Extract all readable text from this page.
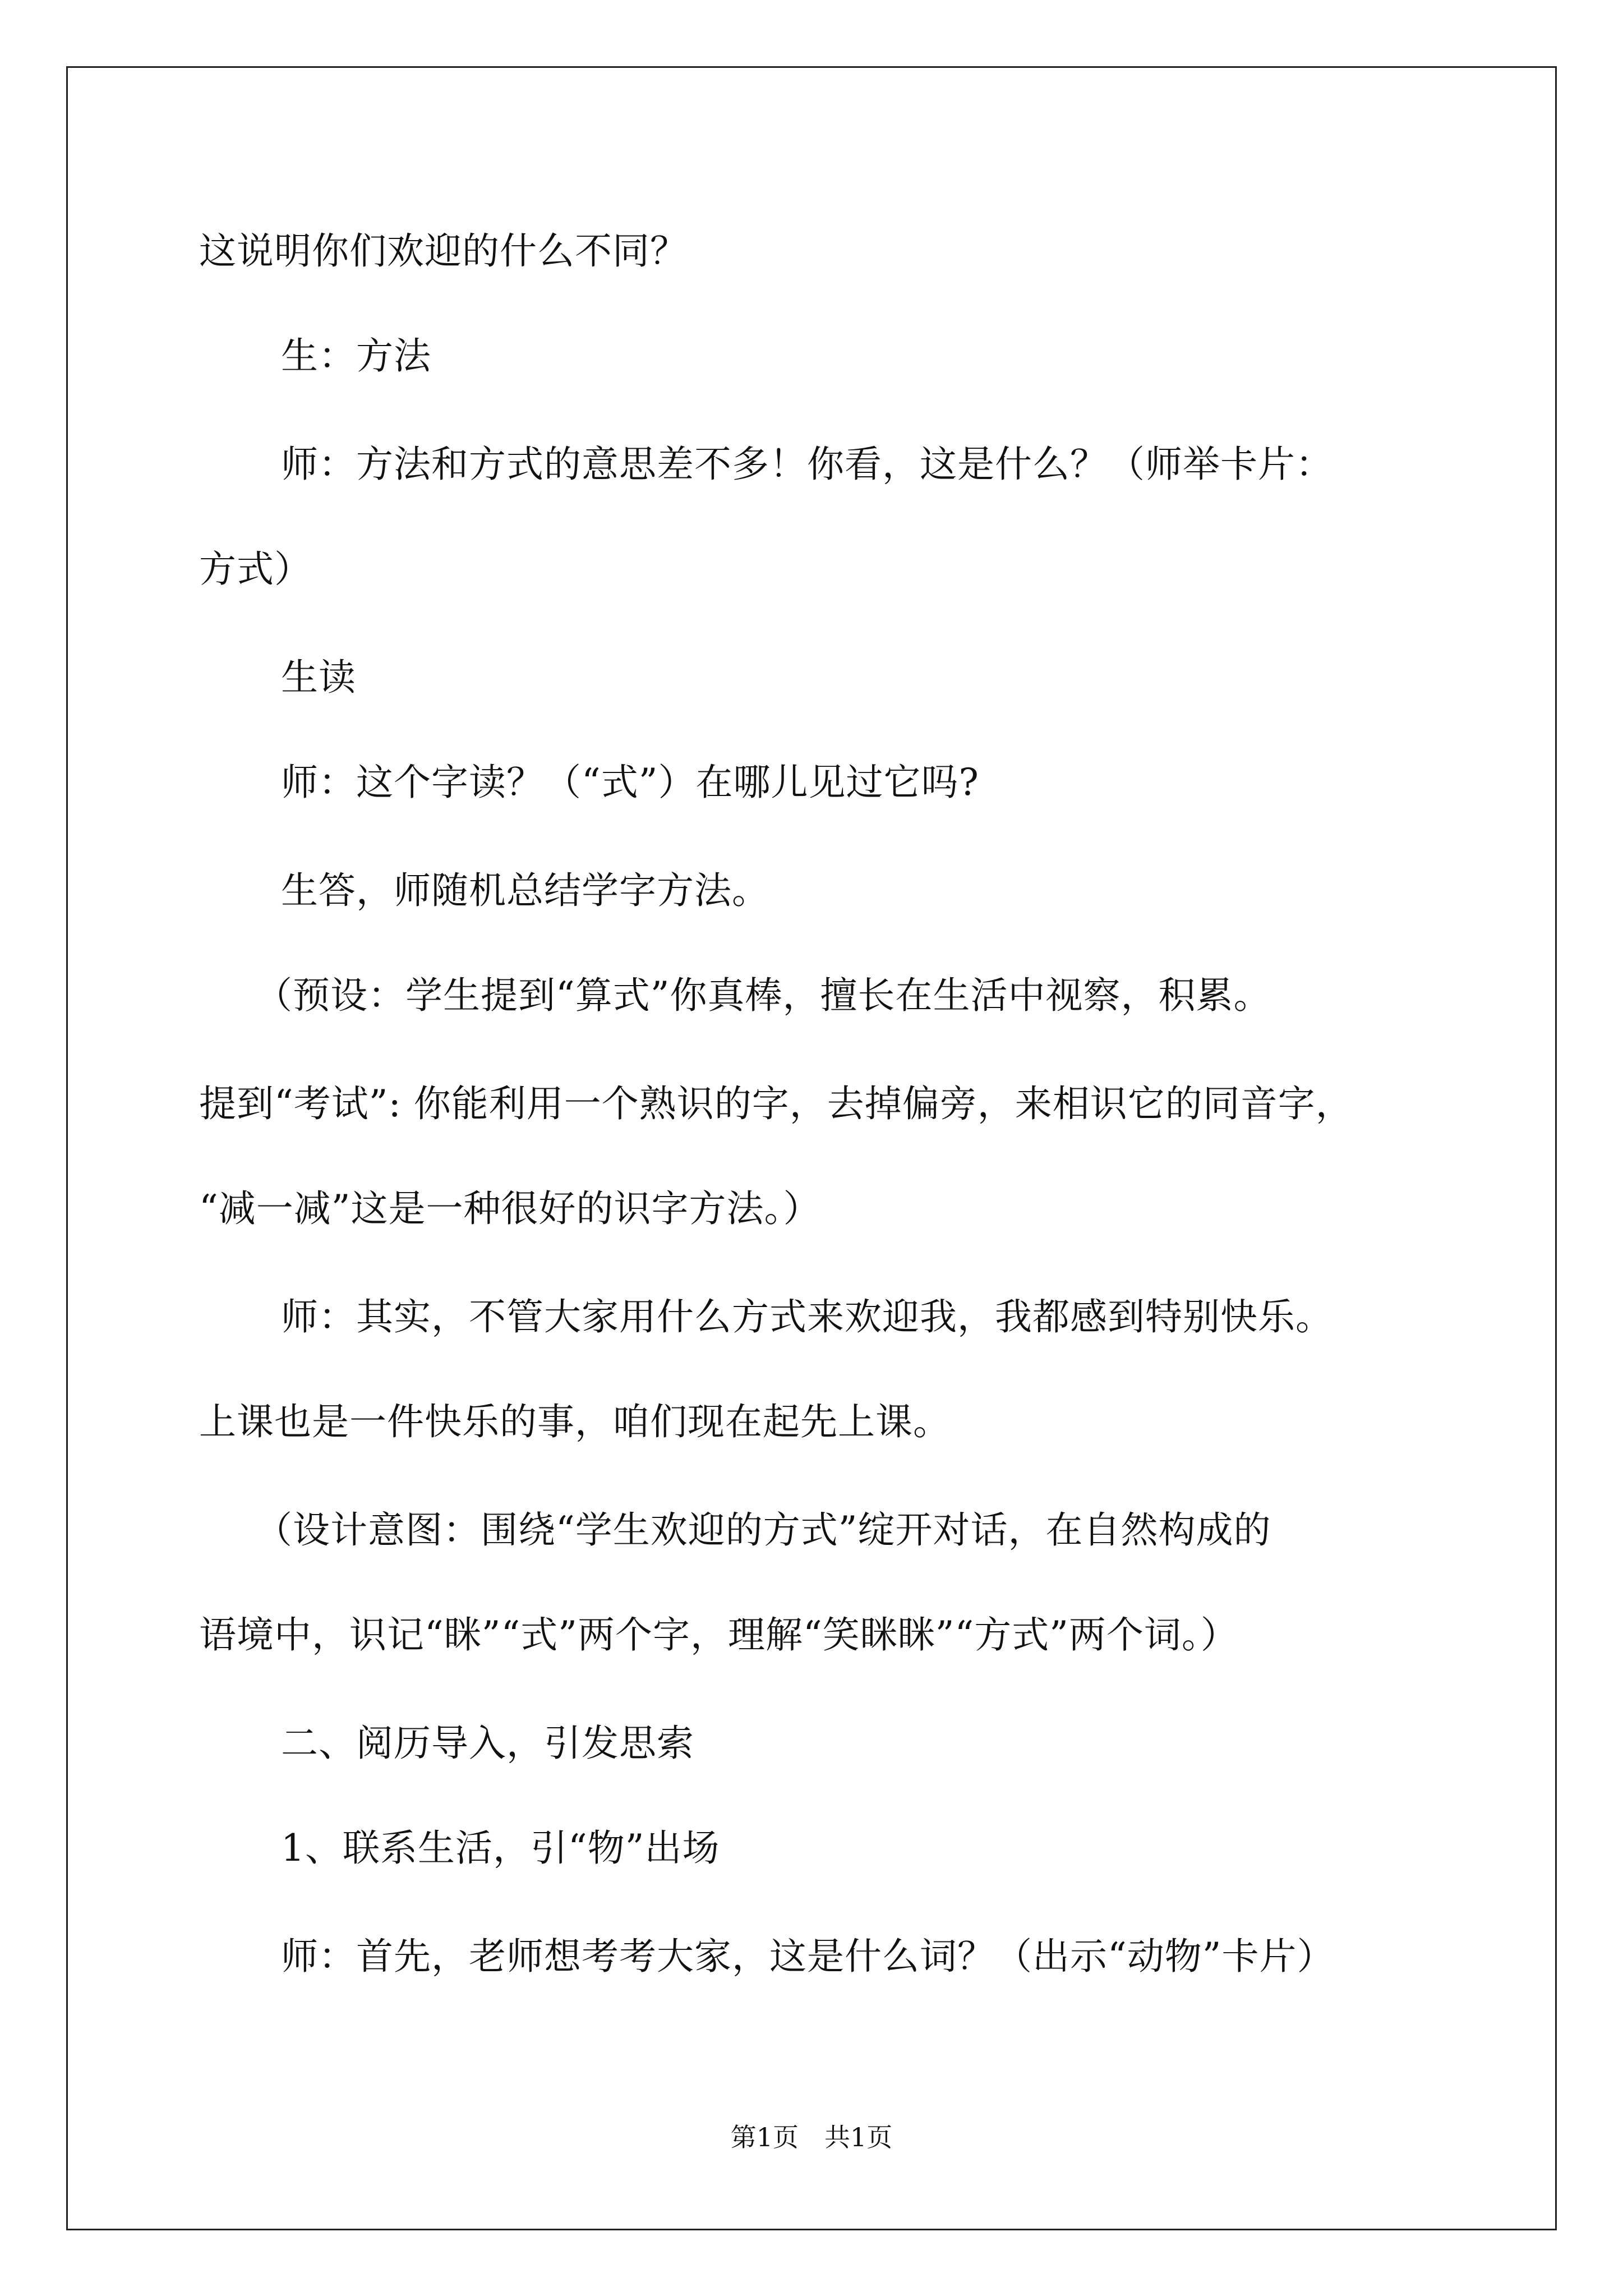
这说明你们欢迎的什么不同？
生：方法
师：方法和方式的意思差不多！你看，这是什么？（师举卡片：
方式）
生读
师：这个字读？（“式”）在哪儿见过它吗?
生答，师随机总结学字方法。
（预设：学生提到“算式”你真棒，擅长在生活中视察，积累。
提到“考试”: 你能利用一个熟识的字，去掉偏旁，来相识它的同音字，
“减一减”这是一种很好的识字方法。）
师：其实，不管大家用什么方式来欢迎我，我都感到特别快乐。
上课也是一件快乐的事，咱们现在起先上课。
（设计意图：围绕“学生欢迎的方式”绽开对话，在自然构成的
语境中，识记“眯”“式”两个字，理解“笑眯眯”“方式”两个词。）
二、阅历导入，引发思索
1、联系生活，引“物”出场
师：首先，老师想考考大家，这是什么词？（出示“动物”卡片）
第1页　共1页
